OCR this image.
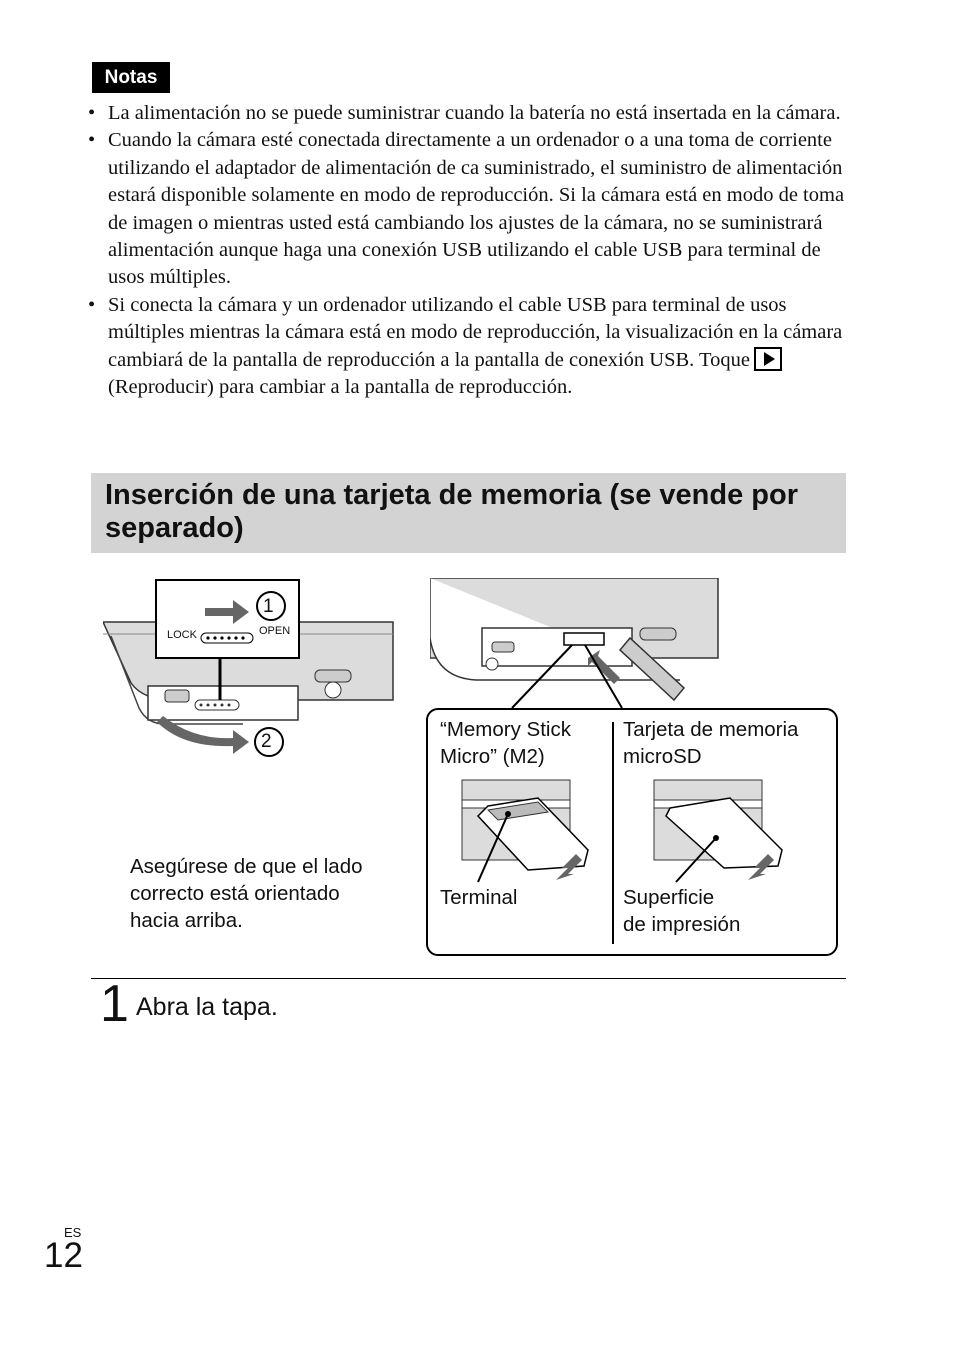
Notas
• La alimentación no se puede suministrar cuando la batería no está insertada en la cámara.
• Cuando la cámara esté conectada directamente a un ordenador o a una toma de corriente utilizando el adaptador de alimentación de ca suministrado, el suministro de alimentación estará disponible solamente en modo de reproducción. Si la cámara está en modo de toma de imagen o mientras usted está cambiando los ajustes de la cámara, no se suministrará alimentación aunque haga una conexión USB utilizando el cable USB para terminal de usos múltiples.
• Si conecta la cámara y un ordenador utilizando el cable USB para terminal de usos múltiples mientras la cámara está en modo de reproducción, la visualización en la cámara cambiará de la pantalla de reproducción a la pantalla de conexión USB. Toque(Reproducir) para cambiar a la pantalla de reproducción.
Inserción de una tarjeta de memoria (se vende por separado)
LOCK	OPEN
1
2
Asegúrese de que el lado
correcto está orientado
hacia arriba.
“Memory Stick
Micro” (M2)
Tarjeta de memoria
microSD
Terminal	Superficie
de impresión
1 Abra la tapa.
ES
12
